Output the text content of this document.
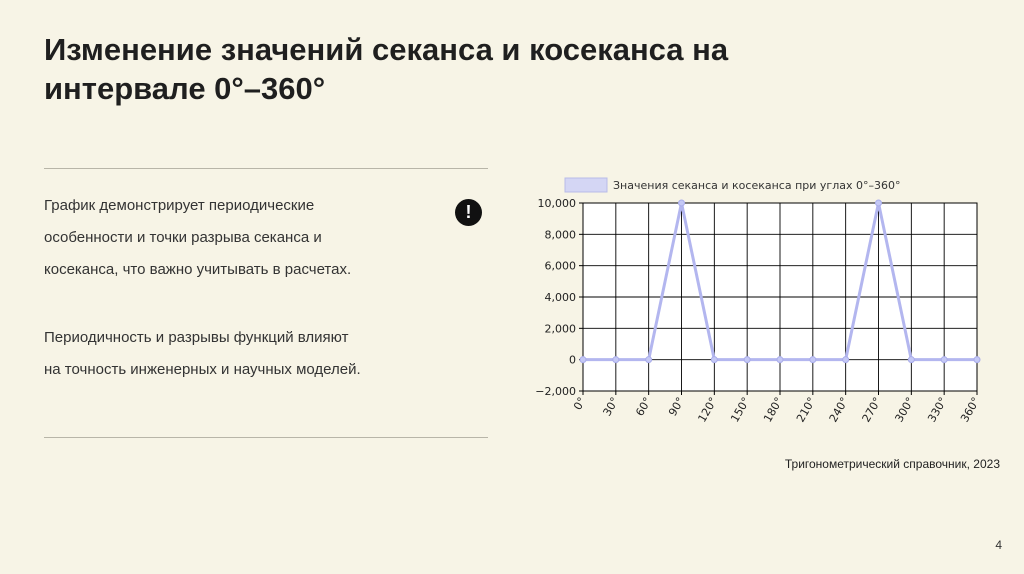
Изменение значений секанса и косеканса на
интервале 0°–360°
График демонстрирует периодические
особенности и точки разрыва секанса и
косеканса, что важно учитывать в расчетах.
!
Периодичность и разрывы функций влияют
на точность инженерных и научных моделей.
−2,000
0
2,000
4,000
6,000
8,000
10,000
0° 30° 60° 90° 120° 150° 180° 210° 240° 270° 300° 330° 360°
Значения секанса и косеканса при углах 0°–360°
Тригонометрический справочник, 2023
4
